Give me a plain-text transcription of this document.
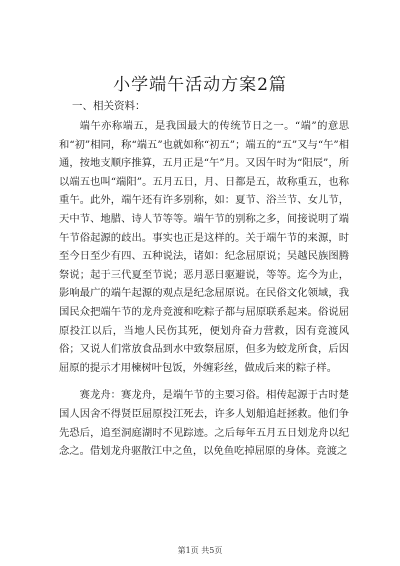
小学端午活动方案2篇

一、相关资料：

端午亦称端五，是我国最大的传统节日之一。“端”的意思和“初”相同，称“端五”也就如称“初五”；端五的“五”又与“午”相通，按地支顺序推算，五月正是“午”月。又因午时为“阳辰”，所以端五也叫“端阳”。五月五日，月、日都是五，故称重五，也称重午。此外，端午还有许多别称，如：夏节、浴兰节、女儿节，天中节、地腊、诗人节等等。端午节的别称之多，间接说明了端午节俗起源的歧出。事实也正是这样的。关于端午节的来源，时至今日至少有四、五种说法，诸如：纪念屈原说；吴越民族图腾祭说；起于三代夏至节说；恶月恶日驱避说，等等。迄今为止，影响最广的端午起源的观点是纪念屈原说。在民俗文化领域，我国民众把端午节的龙舟竞渡和吃粽子都与屈原联系起来。俗说屈原投江以后，当地人民伤其死，便划舟奋力营救，因有竞渡风俗；又说人们常放食品到水中致祭屈原，但多为蛟龙所食，后因屈原的提示才用楝树叶包饭，外缠彩丝，做成后来的粽子样。

赛龙舟：赛龙舟，是端午节的主要习俗。相传起源于古时楚国人因舍不得贤臣屈原投江死去，许多人划船追赶拯救。他们争先恐后，追至洞庭湖时不见踪迹。之后每年五月五日划龙舟以纪念之。借划龙舟驱散江中之鱼，以免鱼吃掉屈原的身体。竞渡之

第1页 共5页
